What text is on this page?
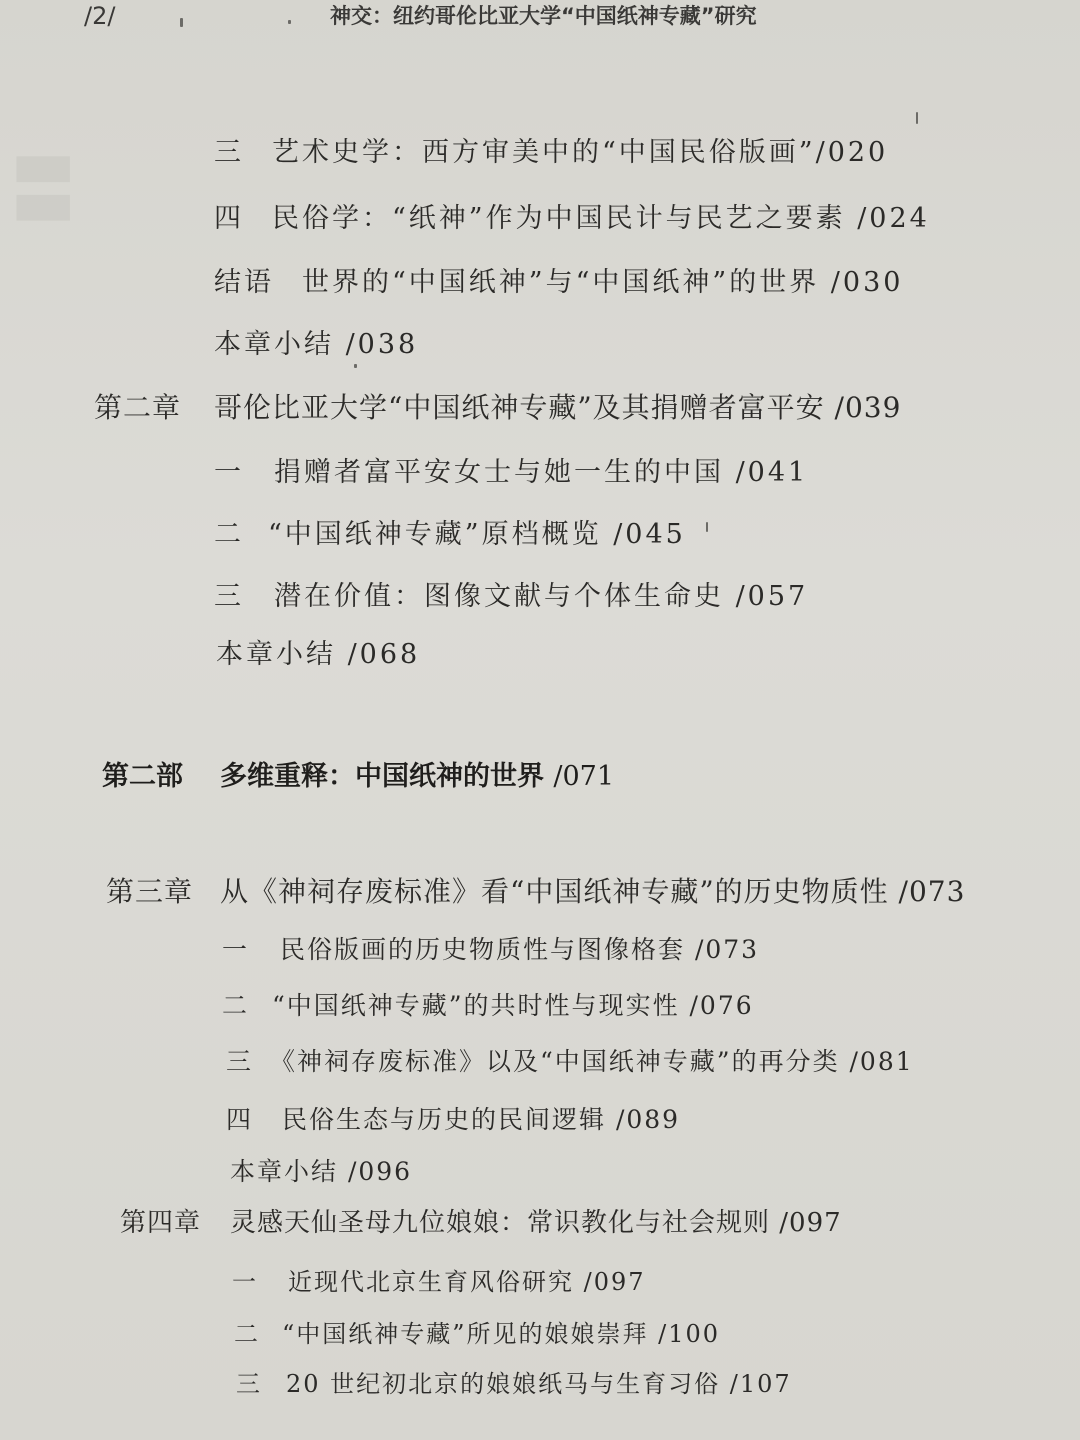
▮▮
/2/	神交：纽约哥伦比亚大学“中国纸神专藏”研究
三 艺术史学：西方审美中的“中国民俗版画”/020
四 民俗学：“纸神”作为中国民计与民艺之要素 /024
结语 世界的“中国纸神”与“中国纸神”的世界 /030
本章小结 /038
第二章 哥伦比亚大学“中国纸神专藏”及其捐赠者富平安 /039
一 捐赠者富平安女士与她一生的中国 /041
二 “中国纸神专藏”原档概览 /045
三 潜在价值：图像文献与个体生命史 /057
本章小结 /068
第二部 多维重释：中国纸神的世界 /071
第三章 从《神祠存废标准》看“中国纸神专藏”的历史物质性 /073
一 民俗版画的历史物质性与图像格套 /073
二 “中国纸神专藏”的共时性与现实性 /076
三 《神祠存废标准》以及“中国纸神专藏”的再分类 /081
四 民俗生态与历史的民间逻辑 /089
本章小结 /096
第四章 灵感天仙圣母九位娘娘：常识教化与社会规则 /097
一 近现代北京生育风俗研究 /097
二 “中国纸神专藏”所见的娘娘崇拜 /100
三 20 世纪初北京的娘娘纸马与生育习俗 /107
